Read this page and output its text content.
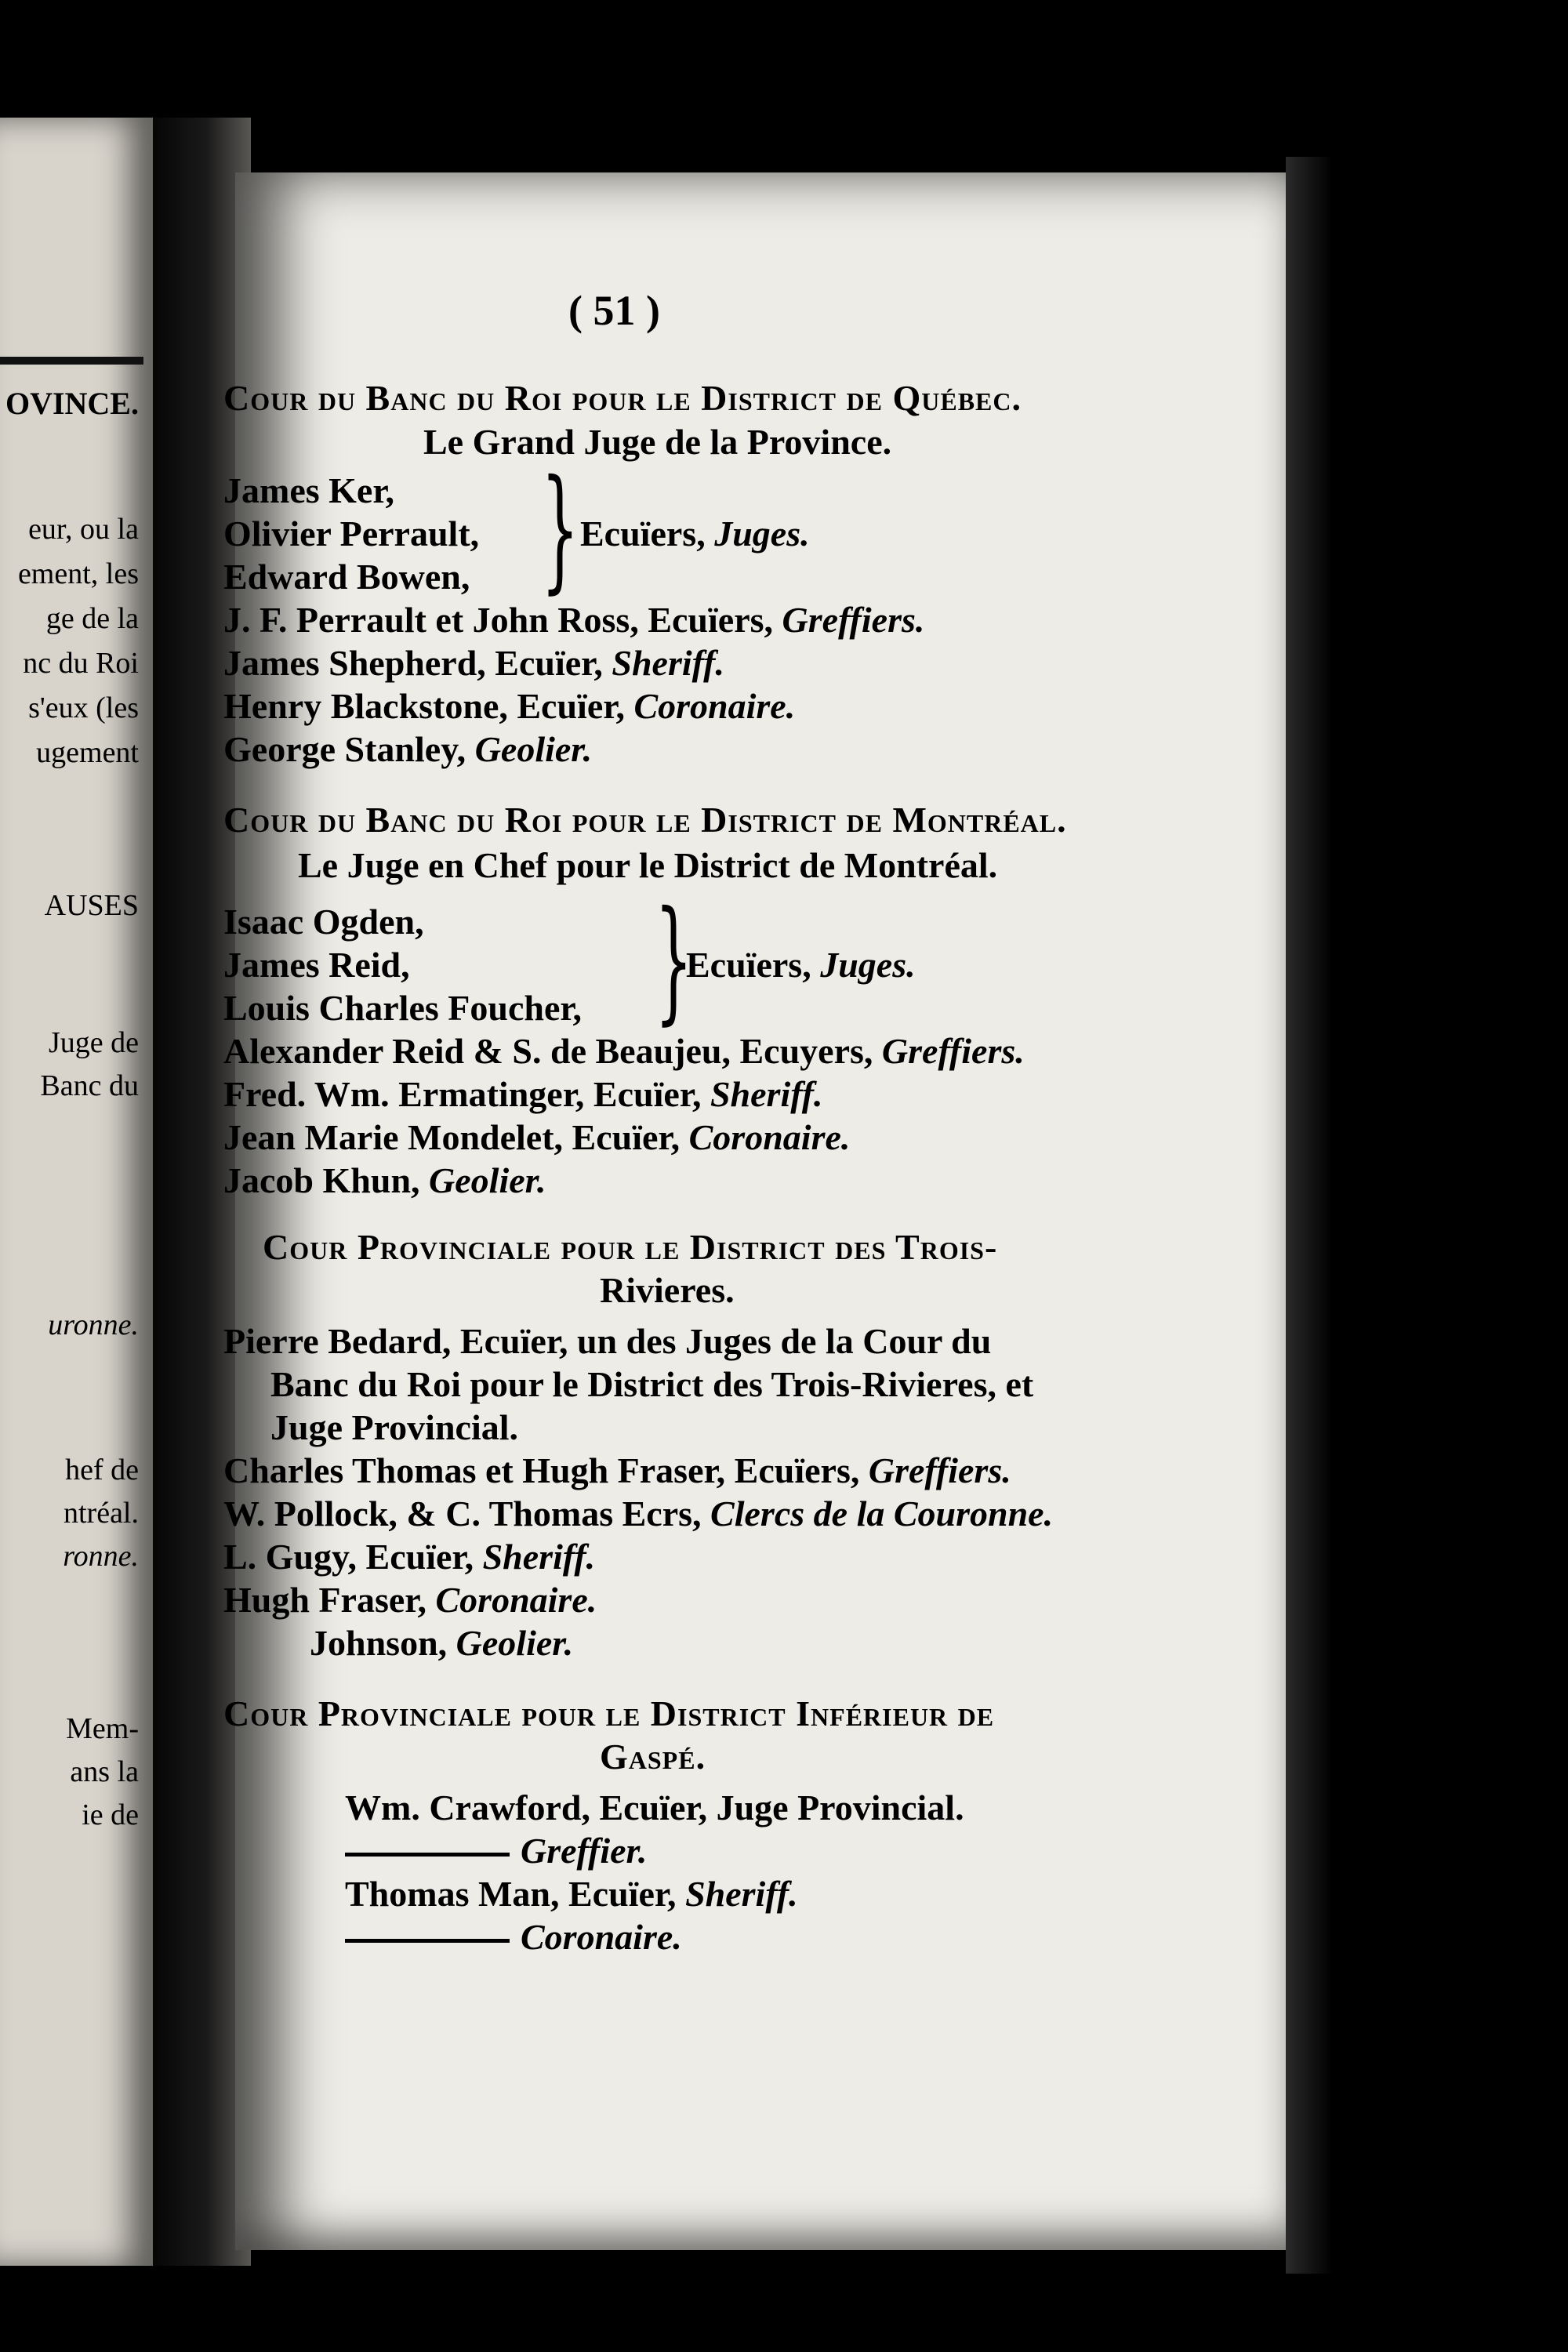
OVINCE.
eur, ou la
ement, les
ge de la
nc du Roi
s'eux (les
ugement
AUSES
Juge de
Banc du
uronne.
hef de
ntréal.
ronne.
Mem-
ans la
ie de
( 51 )
Cour du Banc du Roi pour le District de Québec.
Le Grand Juge de la Province.
James Ker,
Olivier Perrault,
Edward Bowen, } Ecuïers, Juges.
J. F. Perrault et John Ross, Ecuïers, Greffiers.
James Shepherd, Ecuïer, Sheriff.
Henry Blackstone, Ecuïer, Coronaire.
George Stanley, Geolier.
Cour du Banc du Roi pour le District de Montréal.
Le Juge en Chef pour le District de Montréal.
Isaac Ogden,
James Reid,
Louis Charles Foucher, }
Ecuïers, Juges.
Alexander Reid & S. de Beaujeu, Ecuyers, Greffiers.
Fred. Wm. Ermatinger, Ecuïer, Sheriff.
Jean Marie Mondelet, Ecuïer, Coronaire.
Jacob Khun, Geolier.
Cour Provinciale pour le District des Trois-
Rivieres.
Pierre Bedard, Ecuïer, un des Juges de la Cour du
Banc du Roi pour le District des Trois-Rivieres, et
Juge Provincial.
Charles Thomas et Hugh Fraser, Ecuïers, Greffiers.
W. Pollock, & C. Thomas Ecrs, Clercs de la Couronne.
L. Gugy, Ecuïer, Sheriff.
Hugh Fraser, Coronaire.
Johnson, Geolier.
Cour Provinciale pour le District Inférieur de
Gaspé.
Wm. Crawford, Ecuïer, Juge Provincial.
Greffier.
Thomas Man, Ecuïer, Sheriff.
Coronaire.
